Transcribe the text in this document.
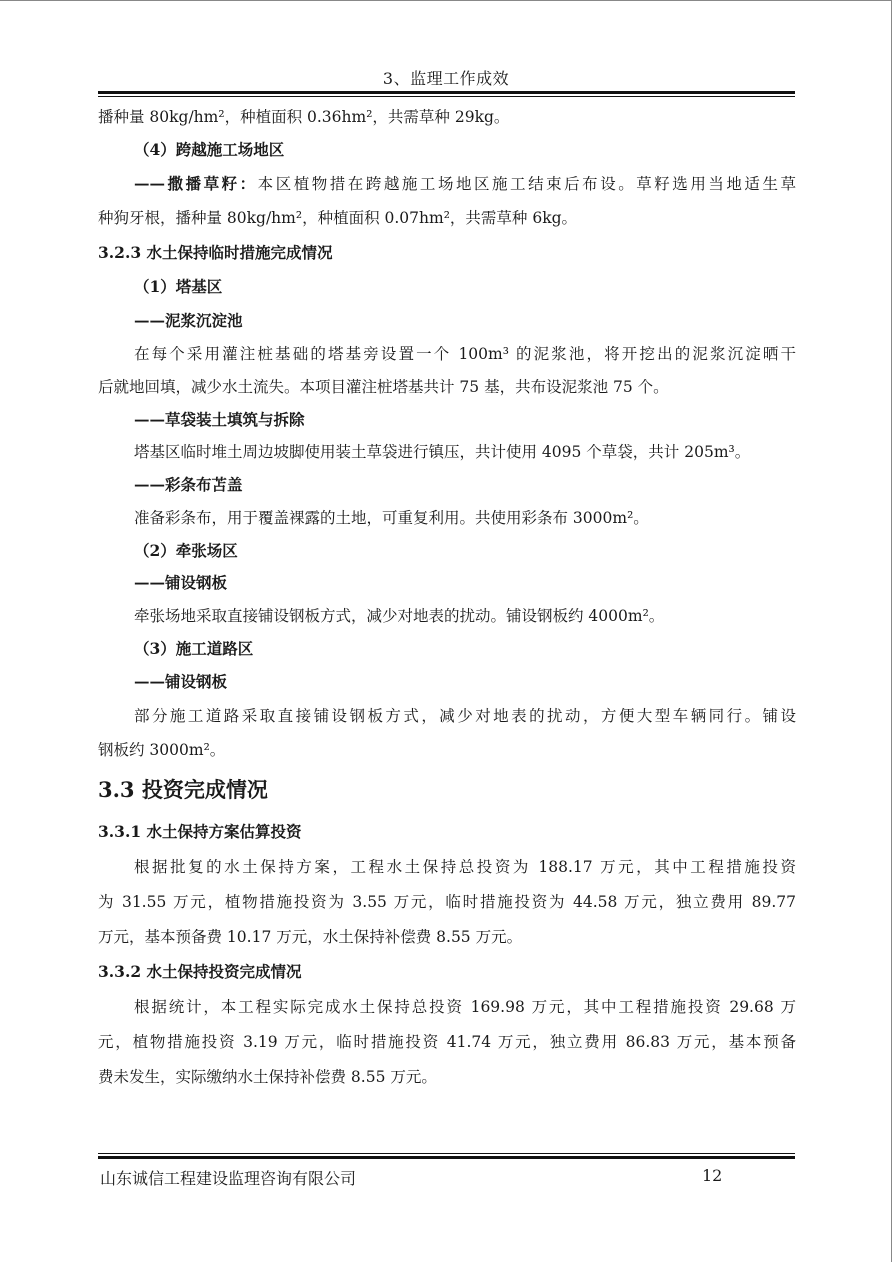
3、监理工作成效
播种量 80kg/hm²，种植面积 0.36hm²，共需草种 29kg。
（4）跨越施工场地区
——撒播草籽：本区植物措在跨越施工场地区施工结束后布设。草籽选用当地适生草
种狗牙根，播种量 80kg/hm²，种植面积 0.07hm²，共需草种 6kg。
3.2.3 水土保持临时措施完成情况
（1）塔基区
——泥浆沉淀池
在每个采用灌注桩基础的塔基旁设置一个 100m³ 的泥浆池，将开挖出的泥浆沉淀晒干
后就地回填，减少水土流失。本项目灌注桩塔基共计 75 基，共布设泥浆池 75 个。
——草袋装土填筑与拆除
塔基区临时堆土周边坡脚使用装土草袋进行镇压，共计使用 4095 个草袋，共计 205m³。
——彩条布苫盖
准备彩条布，用于覆盖裸露的土地，可重复利用。共使用彩条布 3000m²。
（2）牵张场区
——铺设钢板
牵张场地采取直接铺设钢板方式，减少对地表的扰动。铺设钢板约 4000m²。
（3）施工道路区
——铺设钢板
部分施工道路采取直接铺设钢板方式，减少对地表的扰动，方便大型车辆同行。铺设
钢板约 3000m²。
3.3 投资完成情况
3.3.1 水土保持方案估算投资
根据批复的水土保持方案，工程水土保持总投资为 188.17 万元，其中工程措施投资
为 31.55 万元，植物措施投资为 3.55 万元，临时措施投资为 44.58 万元，独立费用 89.77
万元，基本预备费 10.17 万元，水土保持补偿费 8.55 万元。
3.3.2 水土保持投资完成情况
根据统计，本工程实际完成水土保持总投资 169.98 万元，其中工程措施投资 29.68 万
元，植物措施投资 3.19 万元，临时措施投资 41.74 万元，独立费用 86.83 万元，基本预备
费未发生，实际缴纳水土保持补偿费 8.55 万元。
山东诚信工程建设监理咨询有限公司	12
